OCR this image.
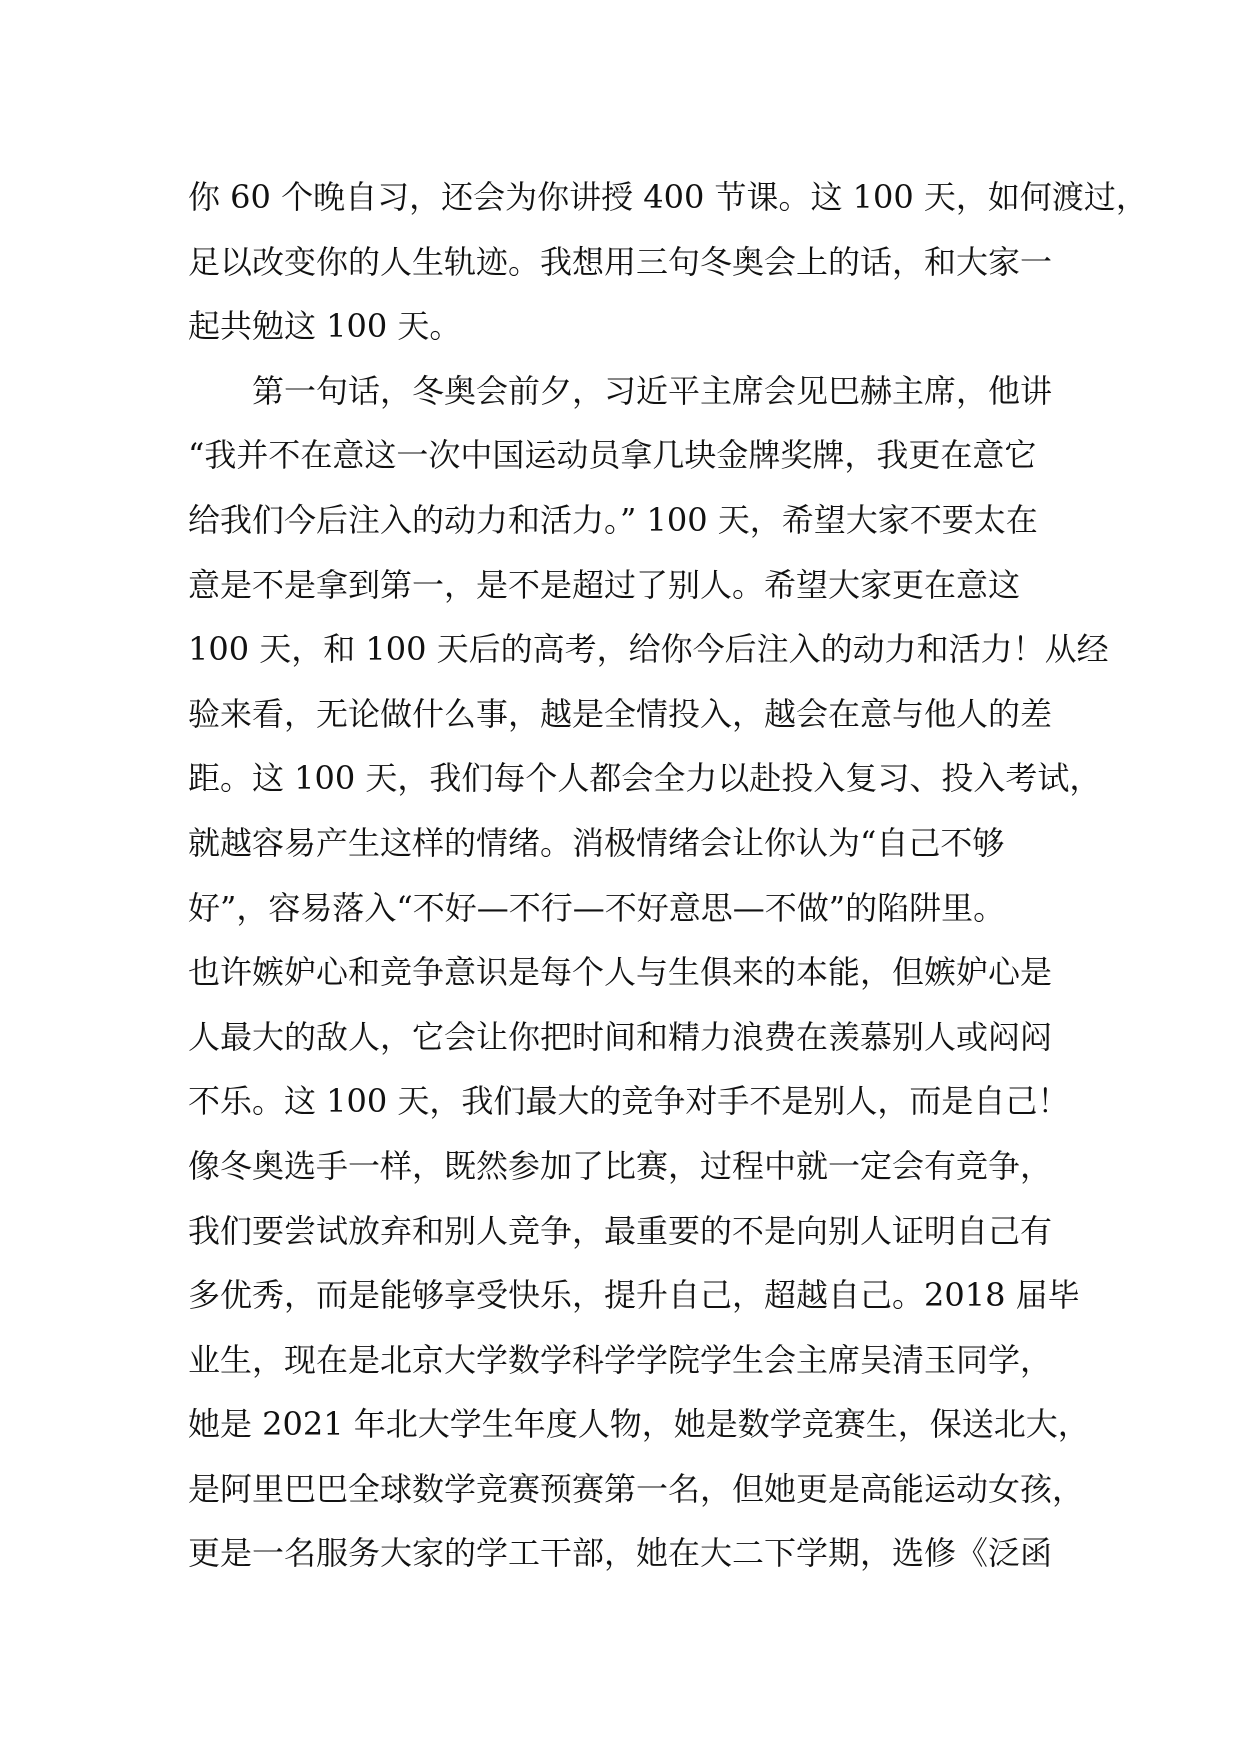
你 60 个晚自习，还会为你讲授 400 节课。这 100 天，如何渡过，
足以改变你的人生轨迹。我想用三句冬奥会上的话，和大家一
起共勉这 100 天。
　　第一句话，冬奥会前夕，习近平主席会见巴赫主席，他讲
“我并不在意这一次中国运动员拿几块金牌奖牌，我更在意它
给我们今后注入的动力和活力。” 100 天，希望大家不要太在
意是不是拿到第一，是不是超过了别人。希望大家更在意这
100 天，和 100 天后的高考，给你今后注入的动力和活力！从经
验来看，无论做什么事，越是全情投入，越会在意与他人的差
距。这 100 天，我们每个人都会全力以赴投入复习、投入考试，
就越容易产生这样的情绪。消极情绪会让你认为“自己不够
好”，容易落入“不好—不行—不好意思—不做”的陷阱里。
也许嫉妒心和竞争意识是每个人与生俱来的本能，但嫉妒心是
人最大的敌人，它会让你把时间和精力浪费在羡慕别人或闷闷
不乐。这 100 天，我们最大的竞争对手不是别人，而是自己！
像冬奥选手一样，既然参加了比赛，过程中就一定会有竞争，
我们要尝试放弃和别人竞争，最重要的不是向别人证明自己有
多优秀，而是能够享受快乐，提升自己，超越自己。2018 届毕
业生，现在是北京大学数学科学学院学生会主席吴清玉同学，
她是 2021 年北大学生年度人物，她是数学竞赛生，保送北大，
是阿里巴巴全球数学竞赛预赛第一名，但她更是高能运动女孩，
更是一名服务大家的学工干部，她在大二下学期，选修《泛函
